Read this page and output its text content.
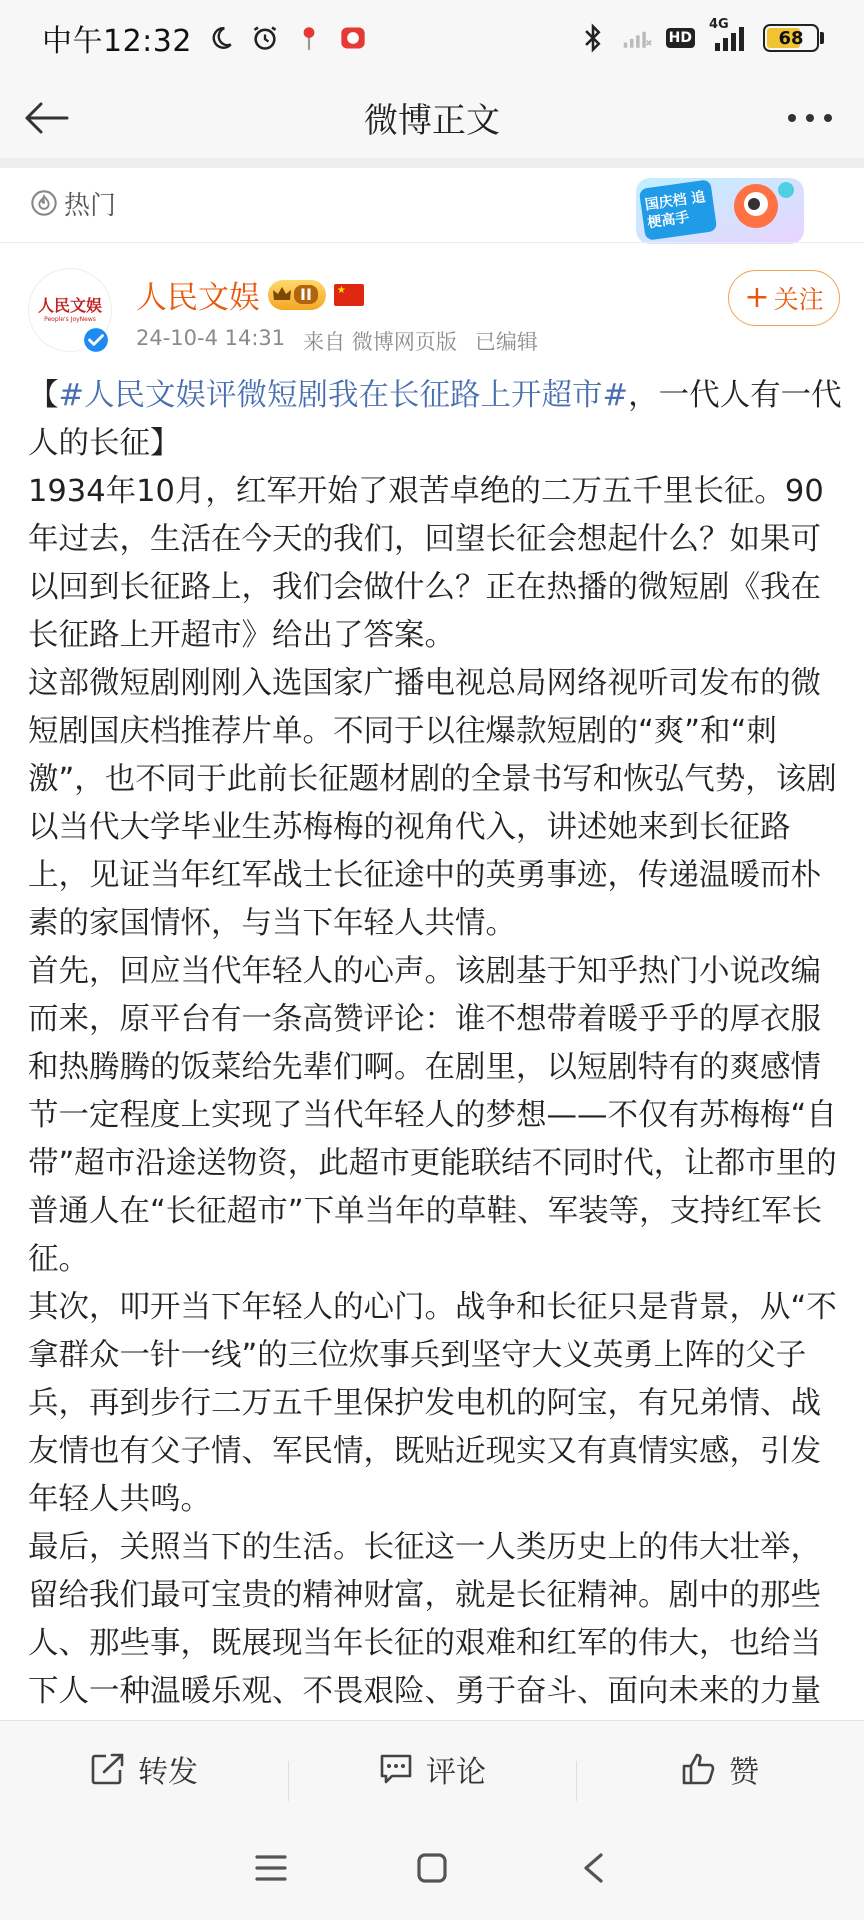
中午12:32	HD
4G
68
微博正文
热门	国庆档 追梗高手
人民文娱
People's JoyNews
人民文娱	II	★
24-10-4 14:31 来自 微博网页版 已编辑
+ 关注

【#人民文娱评微短剧我在长征路上开超市#，一代人有一代人的长征】

1934年10月，红军开始了艰苦卓绝的二万五千里长征。90年过去，生活在今天的我们，回望长征会想起什么？如果可以回到长征路上，我们会做什么？正在热播的微短剧《我在长征路上开超市》给出了答案。

这部微短剧刚刚入选国家广播电视总局网络视听司发布的微短剧国庆档推荐片单。不同于以往爆款短剧的“爽”和“刺激”，也不同于此前长征题材剧的全景书写和恢弘气势，该剧以当代大学毕业生苏梅梅的视角代入，讲述她来到长征路上，见证当年红军战士长征途中的英勇事迹，传递温暖而朴素的家国情怀，与当下年轻人共情。

首先，回应当代年轻人的心声。该剧基于知乎热门小说改编而来，原平台有一条高赞评论：谁不想带着暖乎乎的厚衣服和热腾腾的饭菜给先辈们啊。在剧里，以短剧特有的爽感情节一定程度上实现了当代年轻人的梦想——不仅有苏梅梅“自带”超市沿途送物资，此超市更能联结不同时代，让都市里的普通人在“长征超市”下单当年的草鞋、军装等，支持红军长征。

其次，叩开当下年轻人的心门。战争和长征只是背景，从“不拿群众一针一线”的三位炊事兵到坚守大义英勇上阵的父子兵，再到步行二万五千里保护发电机的阿宝，有兄弟情、战友情也有父子情、军民情，既贴近现实又有真情实感，引发年轻人共鸣。

最后，关照当下的生活。长征这一人类历史上的伟大壮举，留给我们最可宝贵的精神财富，就是长征精神。剧中的那些人、那些事，既展现当年长征的艰难和红军的伟大，也给当下人一种温暖乐观、不畏艰险、勇于奋斗、面向未来的力量

转发	评论	赞
